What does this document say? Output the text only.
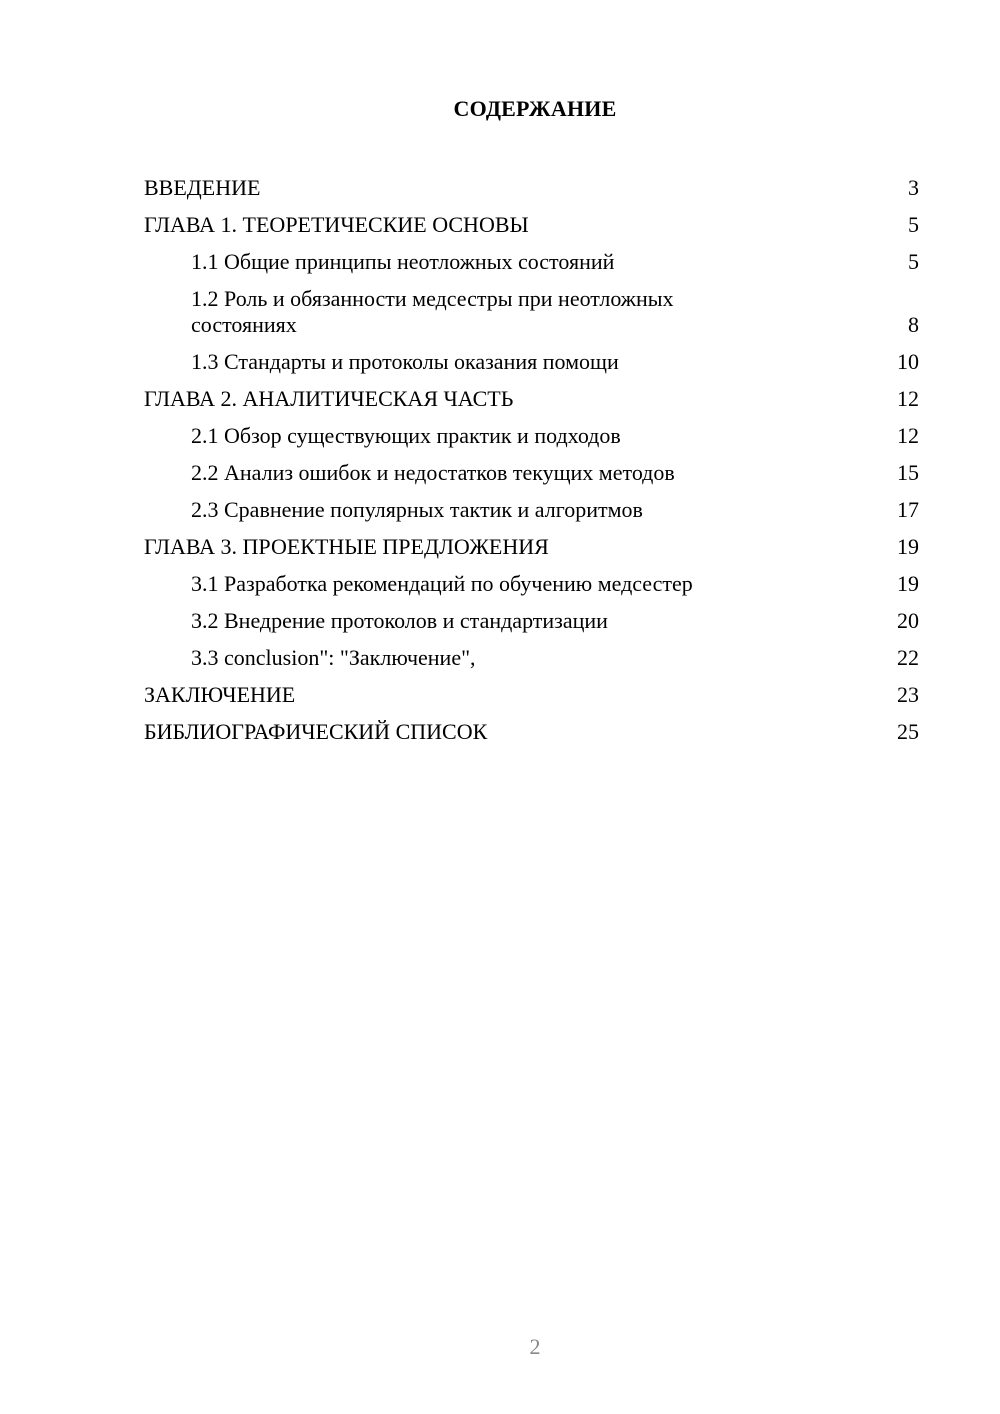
СОДЕРЖАНИЕ
ВВЕДЕНИЕ	3
ГЛАВА 1. ТЕОРЕТИЧЕСКИЕ ОСНОВЫ	5
1.1 Общие принципы неотложных состояний	5
1.2 Роль и обязанности медсестры при неотложных состояниях	8
1.3 Стандарты и протоколы оказания помощи	10
ГЛАВА 2. АНАЛИТИЧЕСКАЯ ЧАСТЬ	12
2.1 Обзор существующих практик и подходов	12
2.2 Анализ ошибок и недостатков текущих методов	15
2.3 Сравнение популярных тактик и алгоритмов	17
ГЛАВА 3. ПРОЕКТНЫЕ ПРЕДЛОЖЕНИЯ	19
3.1 Разработка рекомендаций по обучению медсестер	19
3.2 Внедрение протоколов и стандартизации	20
3.3 conclusion": "Заключение",	22
ЗАКЛЮЧЕНИЕ	23
БИБЛИОГРАФИЧЕСКИЙ СПИСОК	25
2
